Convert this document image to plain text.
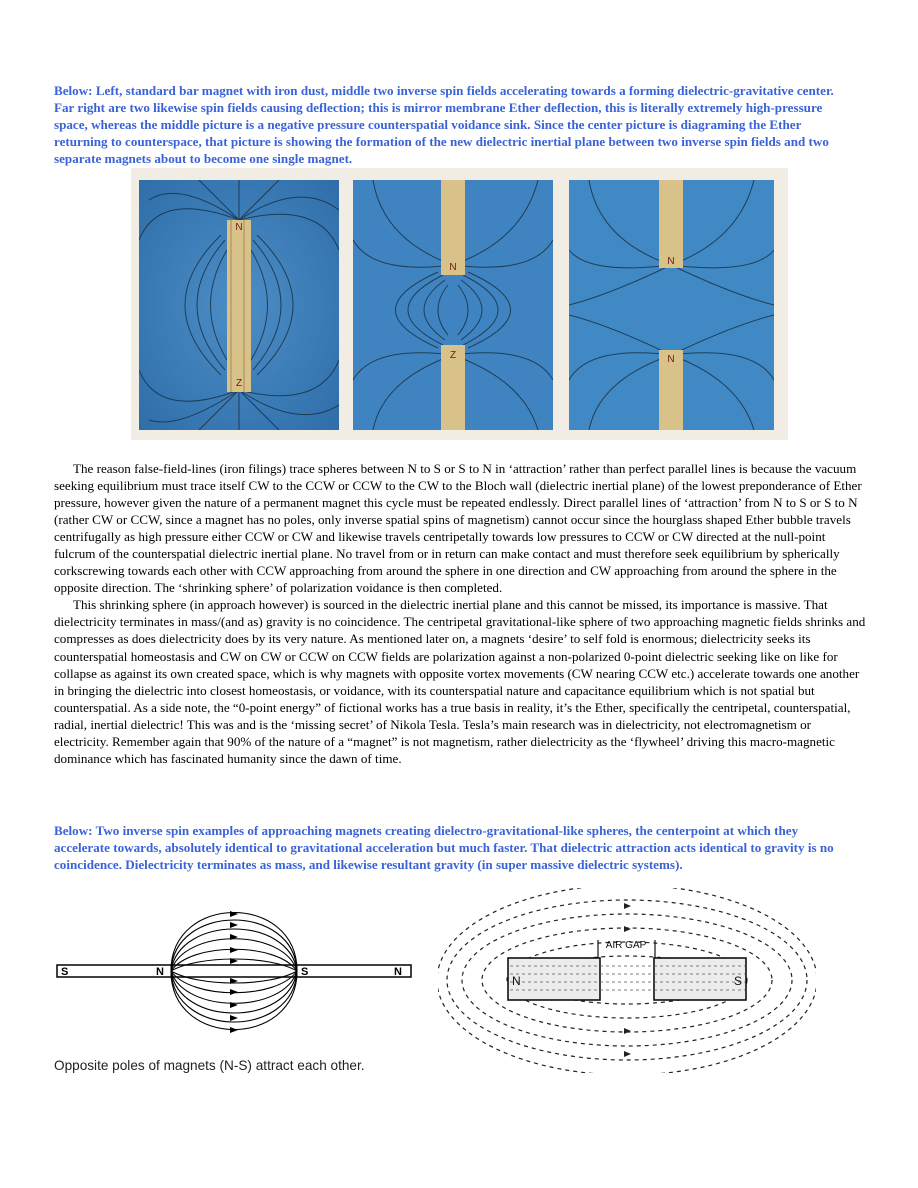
Below: Left, standard bar magnet with iron dust, middle two inverse spin fields accelerating towards a forming dielectric-gravitative center. Far right are two likewise spin fields causing deflection; this is mirror membrane Ether deflection, this is literally extremely high-pressure space, whereas the middle picture is a negative pressure counterspatial voidance sink. Since the center picture is diagraming the Ether returning to counterspace, that picture is showing the formation of the new dielectric inertial plane between two inverse spin fields and two separate magnets about to become one single magnet.

N
Z
N
Z
N
N

The reason false-field-lines (iron filings) trace spheres between N to S or S to N in ‘attraction’ rather than perfect parallel lines is because the vacuum seeking equilibrium must trace itself CW to the CCW or CCW to the CW to the Bloch wall (dielectric inertial plane) of the lowest preponderance of Ether pressure, however given the nature of a permanent magnet this cycle must be repeated endlessly. Direct parallel lines of ‘attraction’ from N to S or S to N (rather CW or CCW, since a magnet has no poles, only inverse spatial spins of magnetism) cannot occur since the hourglass shaped Ether bubble travels centrifugally as high pressure either CCW or CW and likewise travels centripetally towards low pressures to CCW or CW directed at the null-point fulcrum of the counterspatial dielectric inertial plane. No travel from or in return can make contact and must therefore seek equilibrium by spherically corkscrewing towards each other with CCW approaching from around the sphere in one direction and CW approaching from around the sphere in the opposite direction. The ‘shrinking sphere’ of polarization voidance is then completed.

This shrinking sphere (in approach however) is sourced in the dielectric inertial plane and this cannot be missed, its importance is massive. That dielectricity terminates in mass/(and as) gravity is no coincidence. The centripetal gravitational-like sphere of two approaching magnetic fields shrinks and compresses as does dielectricity does by its very nature. As mentioned later on, a magnets ‘desire’ to self fold is enormous; dielectricity seeks its counterspatial homeostasis and CW on CW or CCW on CCW fields are polarization against a non-polarized 0-point dielectric seeking like on like for collapse as against its own created space, which is why magnets with opposite vortex movements (CW nearing CCW etc.) accelerate towards one another in bringing the dielectric into closest homeostasis, or voidance, with its counterspatial nature and capacitance equilibrium which is not spatial but counterspatial. As a side note, the “0-point energy” of fictional works has a true basis in reality, it’s the Ether, specifically the centripetal, counterspatial, radial, inertial dielectric! This was and is the ‘missing secret’ of Nikola Tesla. Tesla’s main research was in dielectricity, not electromagnetism or electricity. Remember again that 90% of the nature of a “magnet” is not magnetism, rather dielectricity as the ‘flywheel’ driving this macro-magnetic dominance which has fascinated humanity since the dawn of time.

Below: Two inverse spin examples of approaching magnets creating dielectro-gravitational-like spheres, the centerpoint at which they accelerate towards, absolutely identical to gravitational acceleration but much faster. That dielectric attraction acts identical to gravity is no coincidence. Dielectricity terminates as mass, and likewise resultant gravity (in super massive dielectric systems).

S	N	S	N
Opposite poles of magnets (N-S) attract each other.
AIR GAP
N	S
